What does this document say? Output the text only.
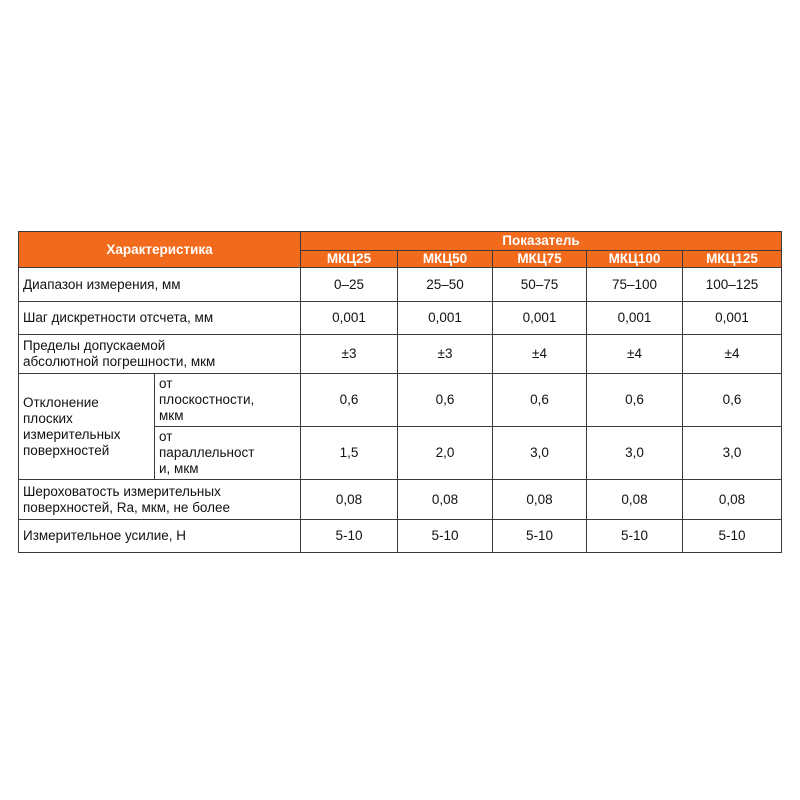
Характеристика		Показатель				
		МКЦ25	МКЦ50	МКЦ75	МКЦ100	МКЦ125
Диапазон измерения, мм		0–25	25–50	50–75	75–100	100–125
Шаг дискретности отсчета, мм		0,001	0,001	0,001	0,001	0,001
Пределы допускаемой
абсолютной погрешности, мкм		±3	±3	±4	±4	±4
Отклонение
плоских
измерительных
поверхностей	от
плоскостности,
мкм	0,6	0,6	0,6	0,6	0,6
	от
параллельност
и, мкм	1,5	2,0	3,0	3,0	3,0
Шероховатость измерительных
поверхностей, Ra, мкм, не более		0,08	0,08	0,08	0,08	0,08
Измерительное усилие, Н		5-10	5-10	5-10	5-10	5-10
